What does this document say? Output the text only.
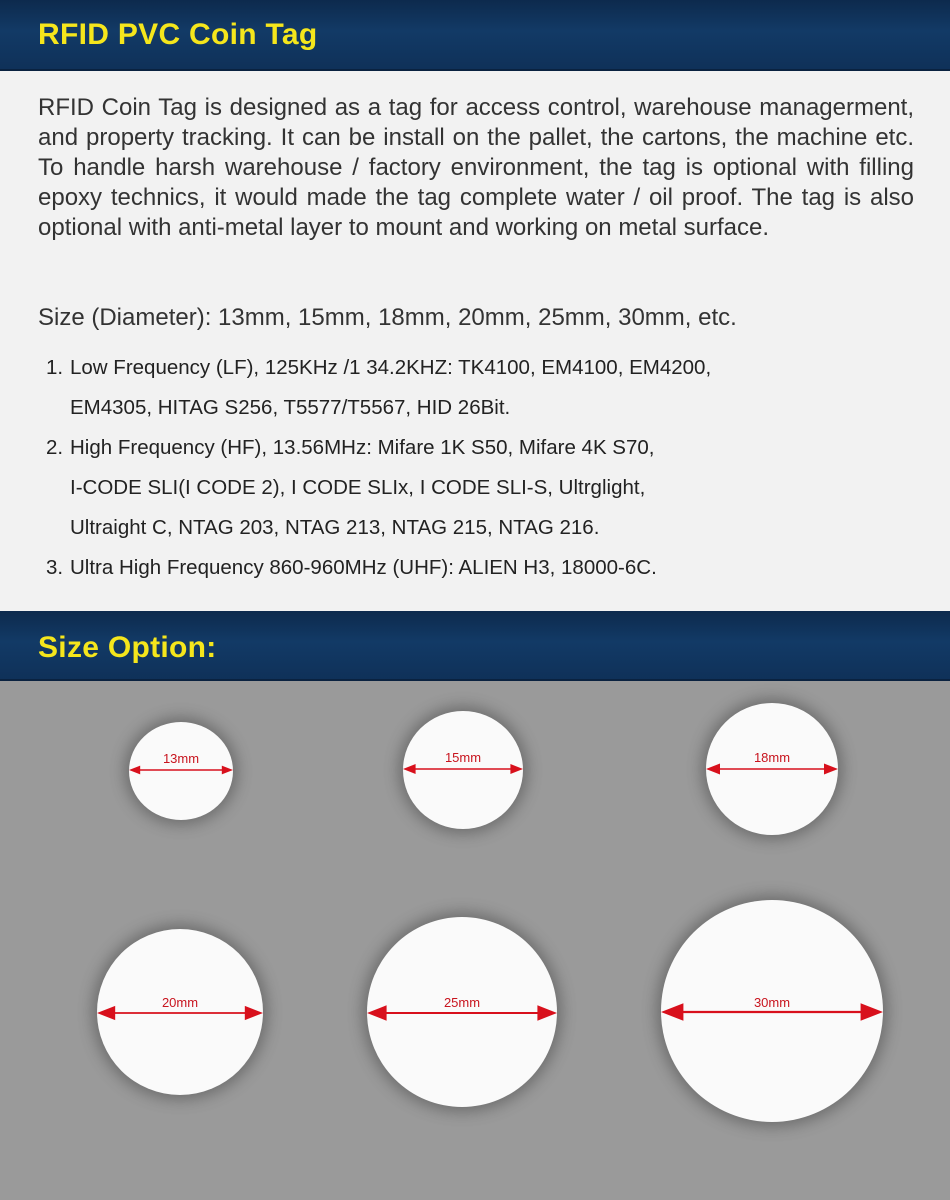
RFID PVC Coin Tag

RFID Coin Tag is designed as a tag for access control, warehouse managerment, and property tracking. It can be install on the pallet, the cartons, the machine etc. To handle harsh warehouse / factory environment, the tag is optional with filling epoxy technics, it would made the tag complete water / oil proof. The tag is also optional with anti-metal layer to mount and working on metal surface.

Size (Diameter): 13mm, 15mm, 18mm, 20mm, 25mm, 30mm, etc.
1. Low Frequency (LF), 125KHz /1 34.2KHZ: TK4100, EM4100, EM4200,
EM4305, HITAG S256, T5577/T5567, HID 26Bit.
2. High Frequency (HF), 13.56MHz: Mifare 1K S50, Mifare 4K S70,
I-CODE SLI(I CODE 2), I CODE SLIx, I CODE SLI-S, Ultrglight,
Ultraight C, NTAG 203, NTAG 213, NTAG 215, NTAG 216.
3. Ultra High Frequency 860-960MHz (UHF): ALIEN H3, 18000-6C.
Size Option:
13mm	15mm	18mm
20mm	25mm	30mm
